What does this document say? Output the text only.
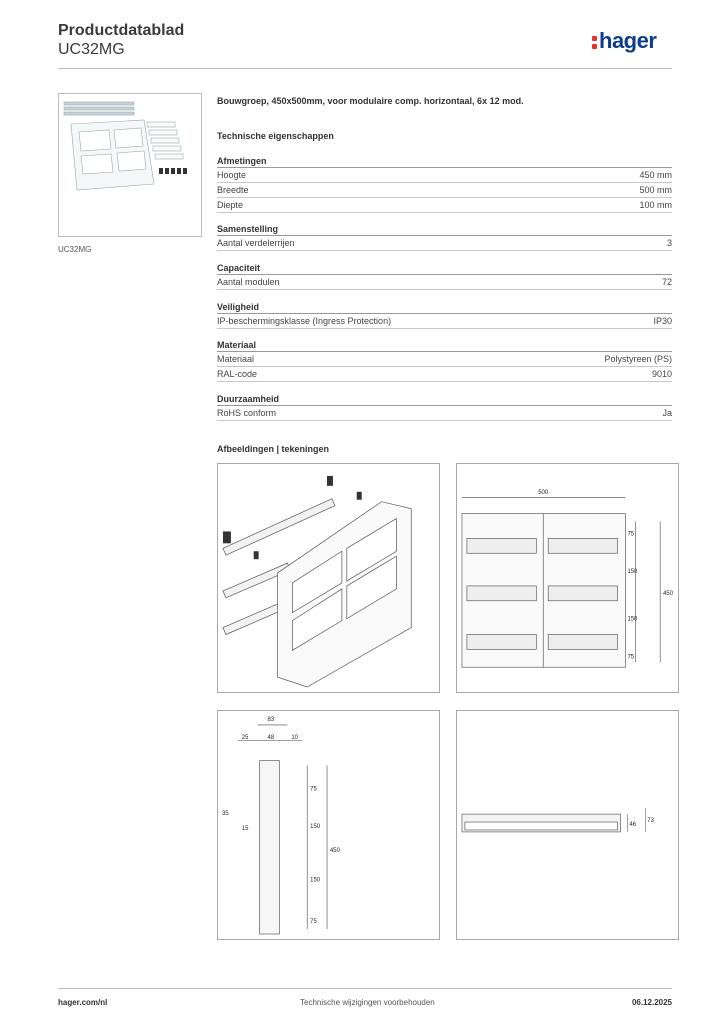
Productdatablad
UC32MG	hager
UC32MG
Bouwgroep, 450x500mm, voor modulaire comp. horizontaal, 6x 12 mod.
Technische eigenschappen
Afmetingen
Hoogte	450 mm
Breedte	500 mm
Diepte	100 mm
Samenstelling
Aantal verdelerrijen	3
Capaciteit
Aantal modulen	72
Veiligheid
IP-beschermingsklasse (Ingress Protection)	IP30
Materiaal
Materiaal	Polystyreen (PS)
RAL-code	9010
Duurzaamheid
RoHS conform	Ja
Afbeeldingen | tekeningen
500
75
150
150
75
450
83
25	48	10
35
15
75
150
150
75
450
46
73
hager.com/nl	Technische wijzigingen voorbehouden	06.12.2025
